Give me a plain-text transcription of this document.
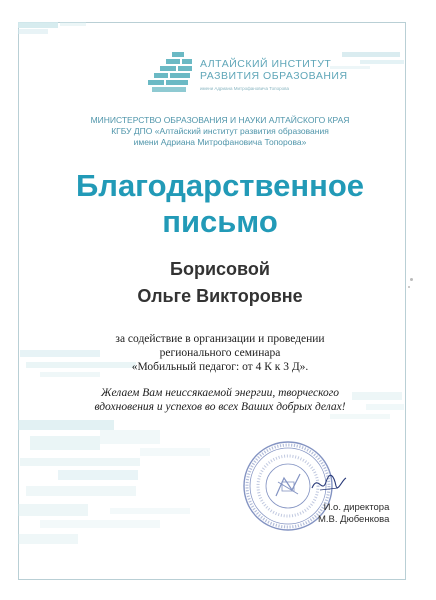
АЛТАЙСКИЙ ИНСТИТУТ
РАЗВИТИЯ ОБРАЗОВАНИЯ
имени Адриана Митрофановича Топорова
МИНИСТЕРСТВО ОБРАЗОВАНИЯ И НАУКИ АЛТАЙСКОГО КРАЯ
КГБУ ДПО «Алтайский институт развития образования
имени Адриана Митрофановича Топорова»
Благодарственное
письмо
Борисовой
Ольге Викторовне
за содействие в организации и проведении
регионального семинара
«Мобильный педагог: от 4 К к 3 Д».
Желаем Вам неиссякаемой энергии, творческого
вдохновения и успехов во всех Ваших добрых делах!
И.о. директора
М.В. Дюбенкова
